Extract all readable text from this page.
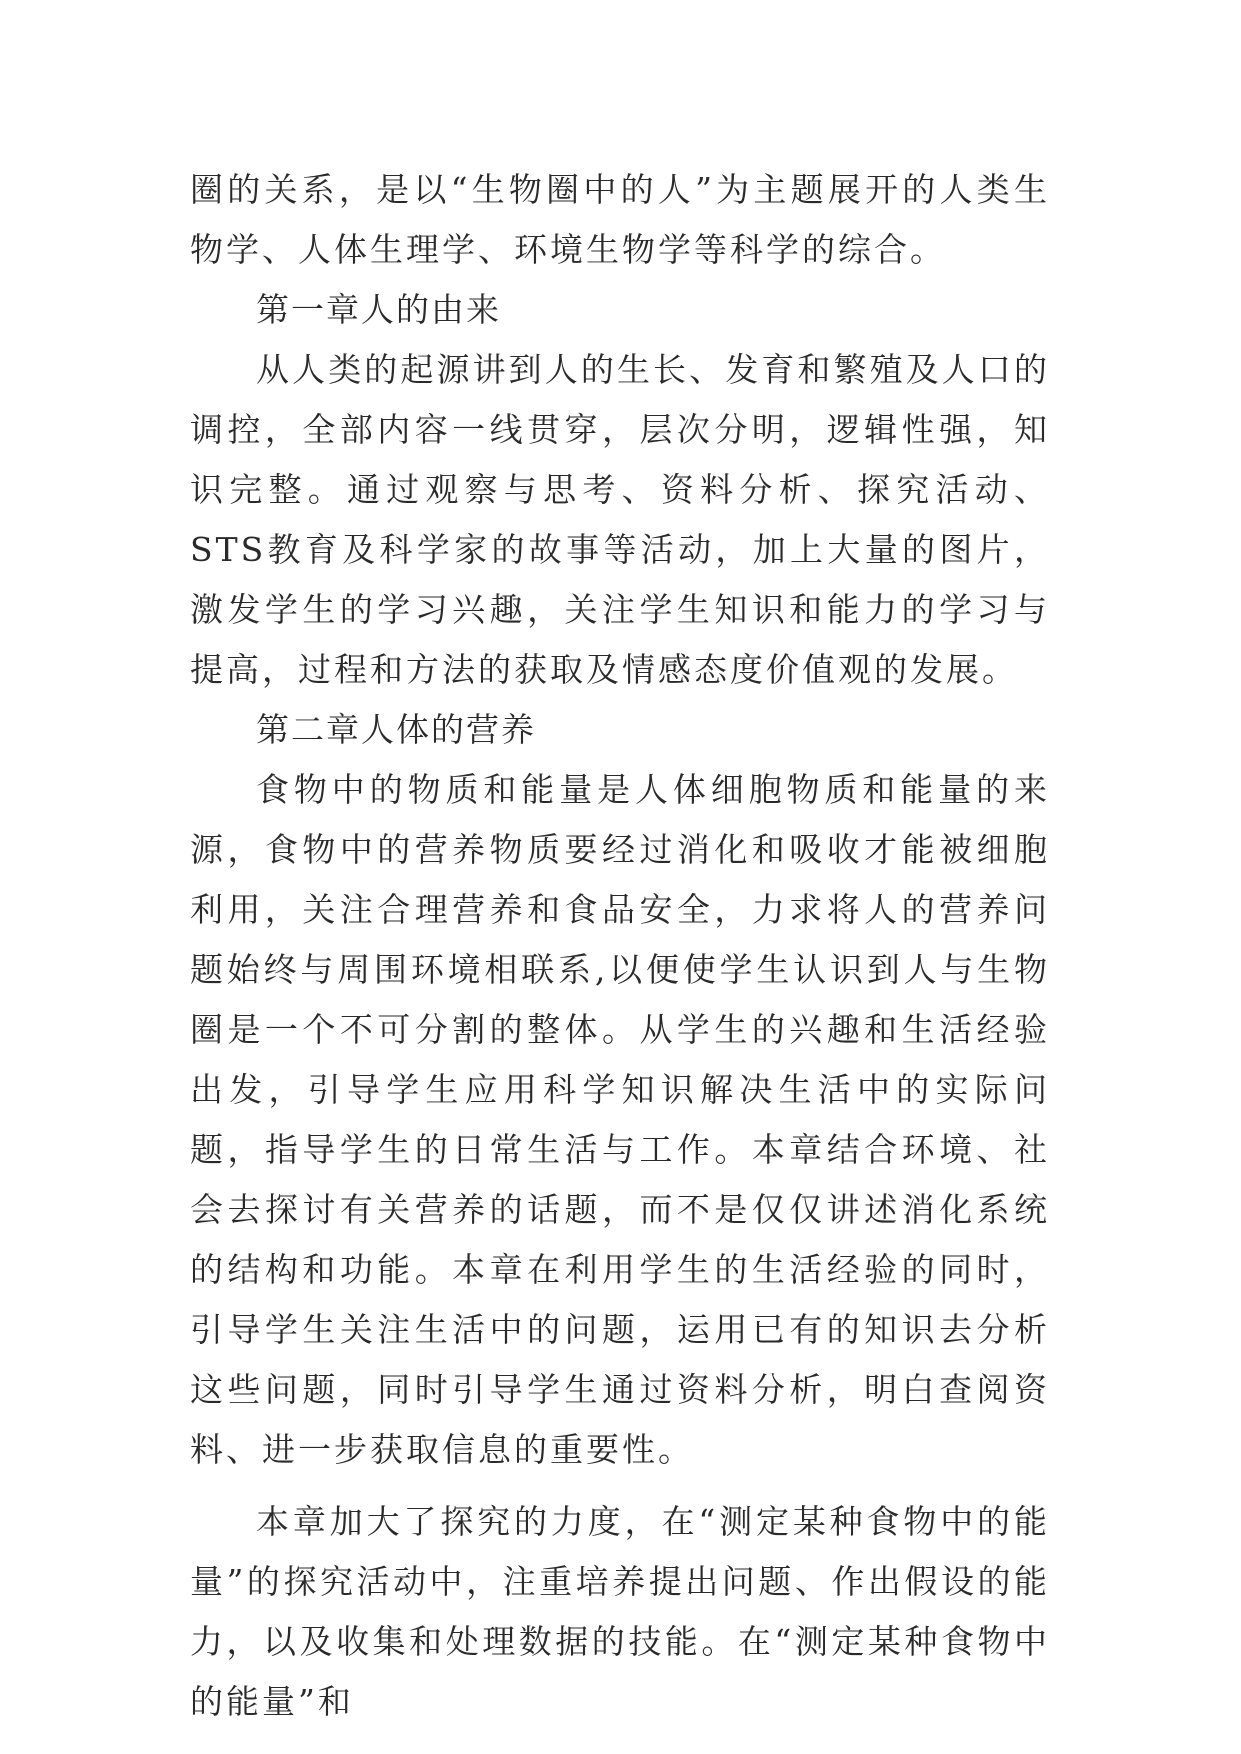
圈的关系，是以“生物圈中的人”为主题展开的人类生物学、人体生理学、环境生物学等科学的综合。

第一章人的由来

从人类的起源讲到人的生长、发育和繁殖及人口的调控，全部内容一线贯穿，层次分明，逻辑性强，知识完整。通过观察与思考、资料分析、探究活动、STS教育及科学家的故事等活动，加上大量的图片，激发学生的学习兴趣，关注学生知识和能力的学习与提高，过程和方法的获取及情感态度价值观的发展。

第二章人体的营养

食物中的物质和能量是人体细胞物质和能量的来源，食物中的营养物质要经过消化和吸收才能被细胞利用，关注合理营养和食品安全，力求将人的营养问题始终与周围环境相联系,以便使学生认识到人与生物圈是一个不可分割的整体。从学生的兴趣和生活经验出发，引导学生应用科学知识解决生活中的实际问题，指导学生的日常生活与工作。本章结合环境、社会去探讨有关营养的话题，而不是仅仅讲述消化系统的结构和功能。本章在利用学生的生活经验的同时，引导学生关注生活中的问题，运用已有的知识去分析这些问题，同时引导学生通过资料分析，明白查阅资料、进一步获取信息的重要性。

本章加大了探究的力度，在“测定某种食物中的能量”的探究活动中，注重培养提出问题、作出假设的能力，以及收集和处理数据的技能。在“测定某种食物中的能量”和
